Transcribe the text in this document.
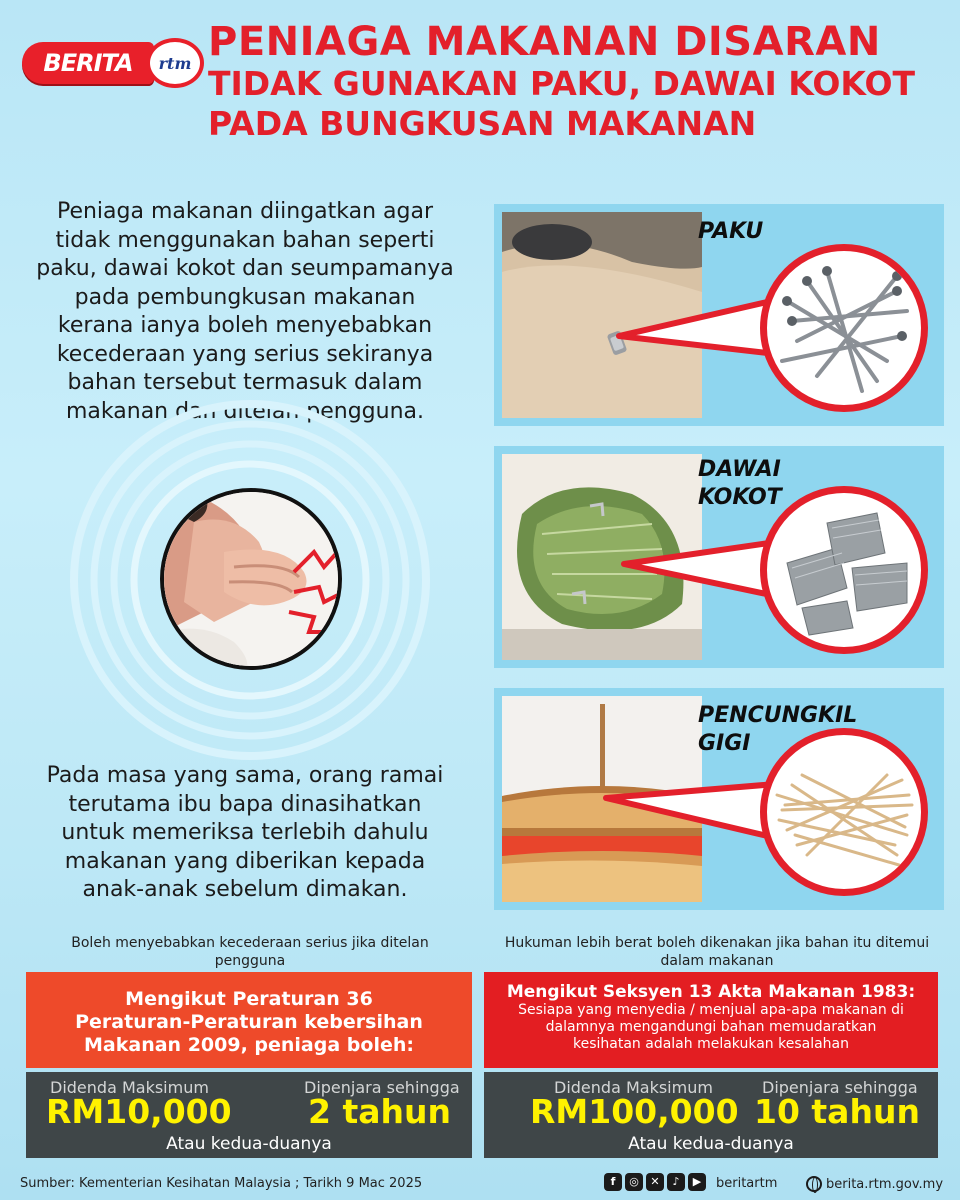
BERITA	rtm PENIAGA MAKANAN DISARAN
TIDAK GUNAKAN PAKU, DAWAI KOKOT
PADA BUNGKUSAN MAKANAN
Peniaga makanan diingatkan agar
tidak menggunakan bahan seperti
paku, dawai kokot dan seumpamanya
pada pembungkusan makanan
kerana ianya boleh menyebabkan
kecederaan yang serius sekiranya
bahan tersebut termasuk dalam
makanan dan ditelan pengguna.
Pada masa yang sama, orang ramai
terutama ibu bapa dinasihatkan
untuk memeriksa terlebih dahulu
makanan yang diberikan kepada
anak-anak sebelum dimakan.
PAKU
DAWAI
KOKOT
PENCUNGKIL
GIGI
Boleh menyebabkan kecederaan serius jika ditelan
pengguna
Hukuman lebih berat boleh dikenakan jika bahan itu ditemui
dalam makanan
Mengikut Peraturan 36
Peraturan-Peraturan kebersihan
Makanan 2009, peniaga boleh:
Mengikut Seksyen 13 Akta Makanan 1983:
Sesiapa yang menyedia / menjual apa-apa makanan di
dalamnya mengandungi bahan memudaratkan
kesihatan adalah melakukan kesalahan
Didenda Maksimum
RM10,000
Dipenjara sehingga
2 tahun
Atau kedua-duanya
Didenda Maksimum
RM100,000
Dipenjara sehingga
10 tahun
Atau kedua-duanya
Sumber: Kementerian Kesihatan Malaysia ; Tarikh 9 Mac 2025	f	◎	✕	♪	▶	beritartm	berita.rtm.gov.my
